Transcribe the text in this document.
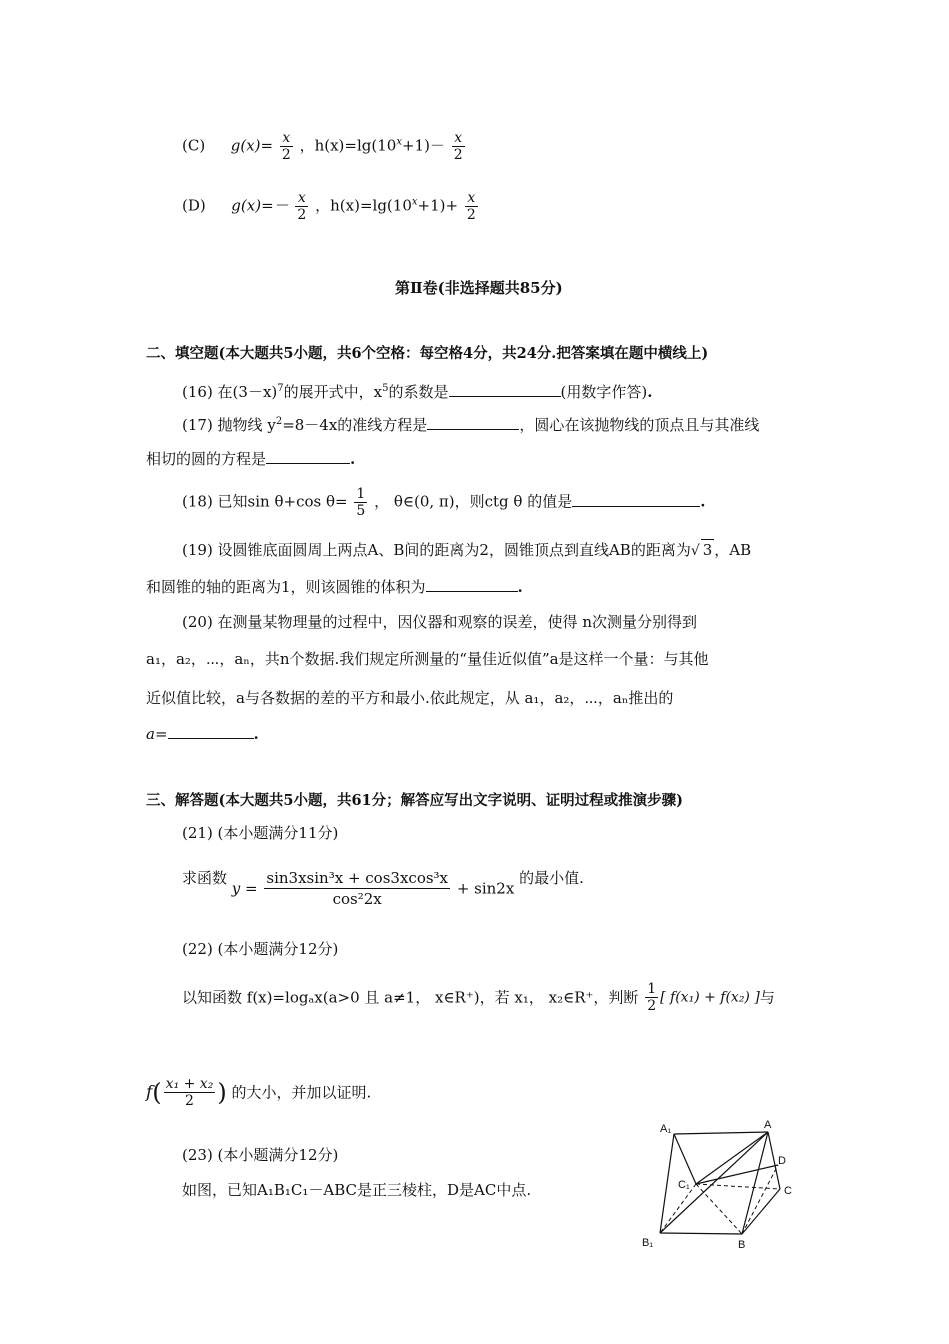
(C) $g(x)= \frac{x}{2}$ ，$h(x)=\lg(10^x+1)- \frac{x}{2}$
(D) $g(x)=- \frac{x}{2}$ ，$h(x)=\lg(10^x+1)+ \frac{x}{2}$
第Ⅱ卷(非选择题共85分)
二、填空题(本大题共5小题，共6个空格：每空格4分，共24分.把答案填在题中横线上)
(16) 在$(3-x)^7$的展开式中，$x^5$的系数是	(用数字作答).
(17) 抛物线 $y^2=8-4x$的准线方程是	，圆心在该抛物线的顶点且与其准线
相切的圆的方程是	.
(18) 已知sin θ+cos $\theta= \frac{1}{5}$ ， θ∈(0, π)，则ctg θ 的值是	.
(19) 设圆锥底面圆周上两点A、B间的距离为2，圆锥顶点到直线AB的距离为√ 3 ，AB
和圆锥的轴的距离为1，则该圆锥的体积为	.
(20) 在测量某物理量的过程中，因仪器和观察的误差，使得 n次测量分别得到
a₁，a₂，⋯，aₙ，共n个数据.我们规定所测量的“量佳近似值”a是这样一个量：与其他
近似值比较，a与各数据的差的平方和最小.依此规定，从 a₁，a₂，⋯，aₙ推出的
a=	.
三、解答题(本大题共5小题，共61分；解答应写出文字说明、证明过程或推演步骤)
(21) (本小题满分11分)
求函数 $y = \frac{\text{sin3xsin³x + cos3xcos³x}}{\text{cos²2x}} + \sin 2x$ 的最小值.
(22) (本小题满分12分)
以知函数 f(x)=logₐx(a>0 且 a≠1， x∈R⁺)，若 x₁， x₂∈R⁺，判断 $\frac{1}{2}$ [ f(x₁) + f(x₂) ]与
$f( \frac{\text{x₁ + x₂}}{2}$ ) 的大小，并加以证明.
(23) (本小题满分12分)
如图，已知A₁B₁C₁－ABC是正三棱柱，D是AC中点.
A₁	A
D
C₁	C
B₁	B
